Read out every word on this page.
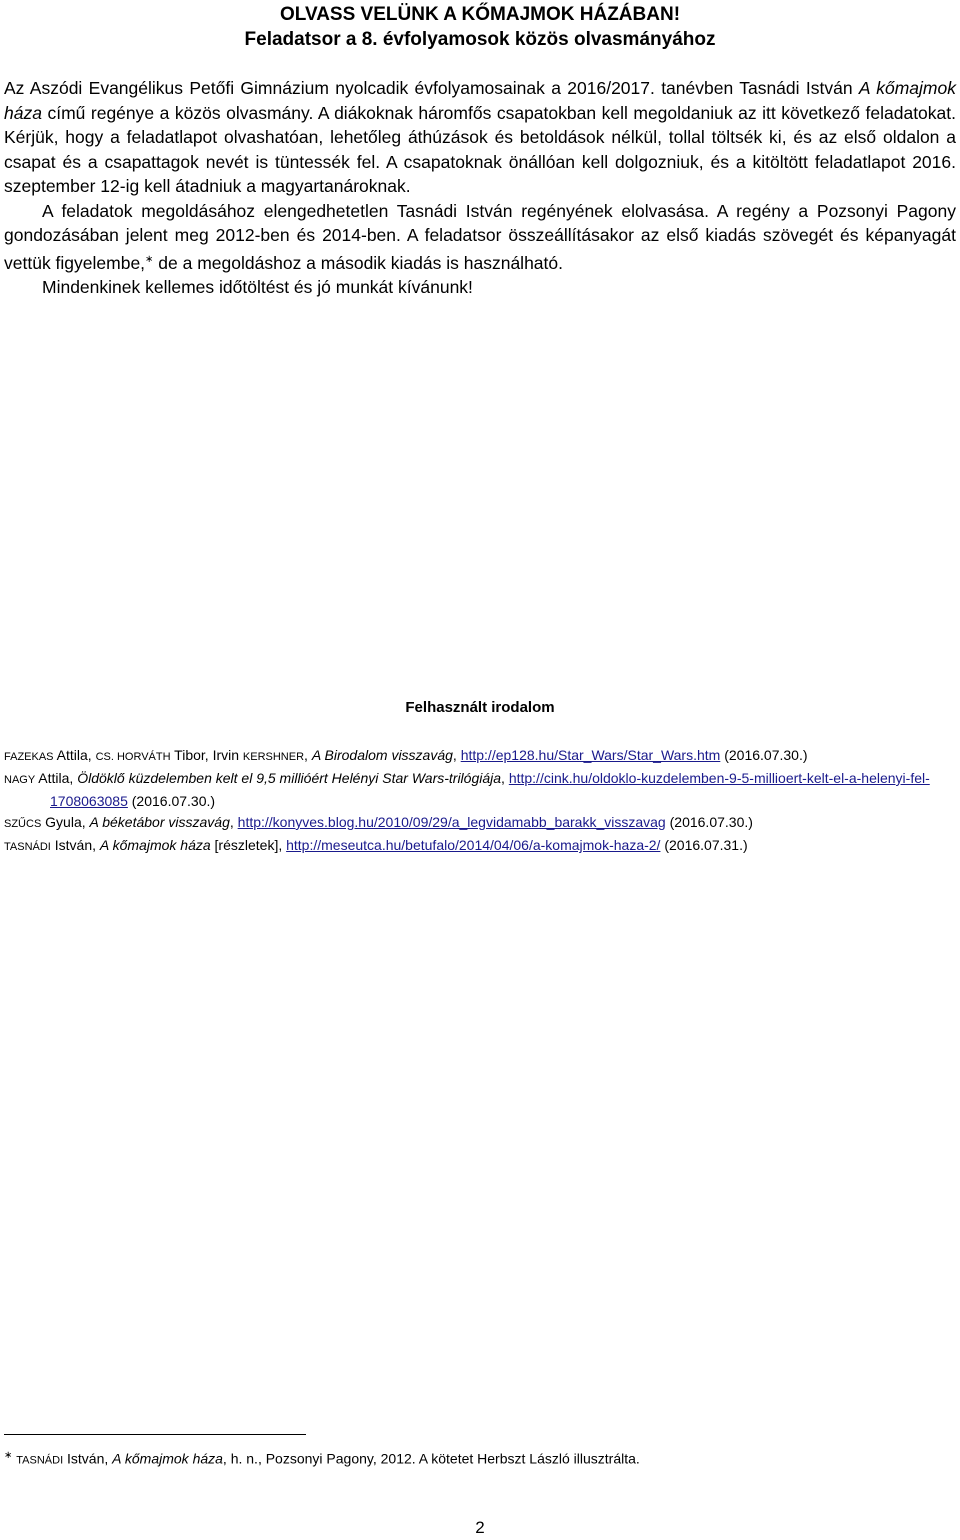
OLVASS VELÜNK A KŐMAJMOK HÁZÁBAN!
Feladatsor a 8. évfolyamosok közös olvasmányához

Az Aszódi Evangélikus Petőfi Gimnázium nyolcadik évfolyamosainak a 2016/2017. tanévben Tasnádi István A kőmajmok háza című regénye a közös olvasmány. A diákoknak háromfős csapatokban kell megoldaniuk az itt következő feladatokat. Kérjük, hogy a feladatlapot olvashatóan, lehetőleg áthúzások és betoldások nélkül, tollal töltsék ki, és az első oldalon a csapat és a csapattagok nevét is tüntessék fel. A csapatoknak önállóan kell dolgozniuk, és a kitöltött feladatlapot 2016. szeptember 12-ig kell átadniuk a magyartanároknak.

A feladatok megoldásához elengedhetetlen Tasnádi István regényének elolvasása. A regény a Pozsonyi Pagony gondozásában jelent meg 2012-ben és 2014-ben. A feladatsor összeállításakor az első kiadás szövegét és képanyagát vettük figyelembe,∗ de a megoldáshoz a második kiadás is használható.

Mindenkinek kellemes időtöltést és jó munkát kívánunk!

Felhasznált irodalom

FAZEKAS Attila, CS. HORVÁTH Tibor, Irvin KERSHNER, A Birodalom visszavág, http://ep128.hu/Star_Wars/Star_Wars.htm (2016.07.30.)

NAGY Attila, Öldöklő küzdelemben kelt el 9,5 millióért Helényi Star Wars-trilógiája, http://cink.hu/oldoklo-kuzdelemben-9-5-millioert-kelt-el-a-helenyi-fel-1708063085 (2016.07.30.)

SZŰCS Gyula, A béketábor visszavág, http://konyves.blog.hu/2010/09/29/a_legvidamabb_barakk_visszavag (2016.07.30.)

TASNÁDI István, A kőmajmok háza [részletek], http://meseutca.hu/betufalo/2014/04/06/a-komajmok-haza-2/ (2016.07.31.)

∗ TASNÁDI István, A kőmajmok háza, h. n., Pozsonyi Pagony, 2012. A kötetet Herbszt László illusztrálta.
2
